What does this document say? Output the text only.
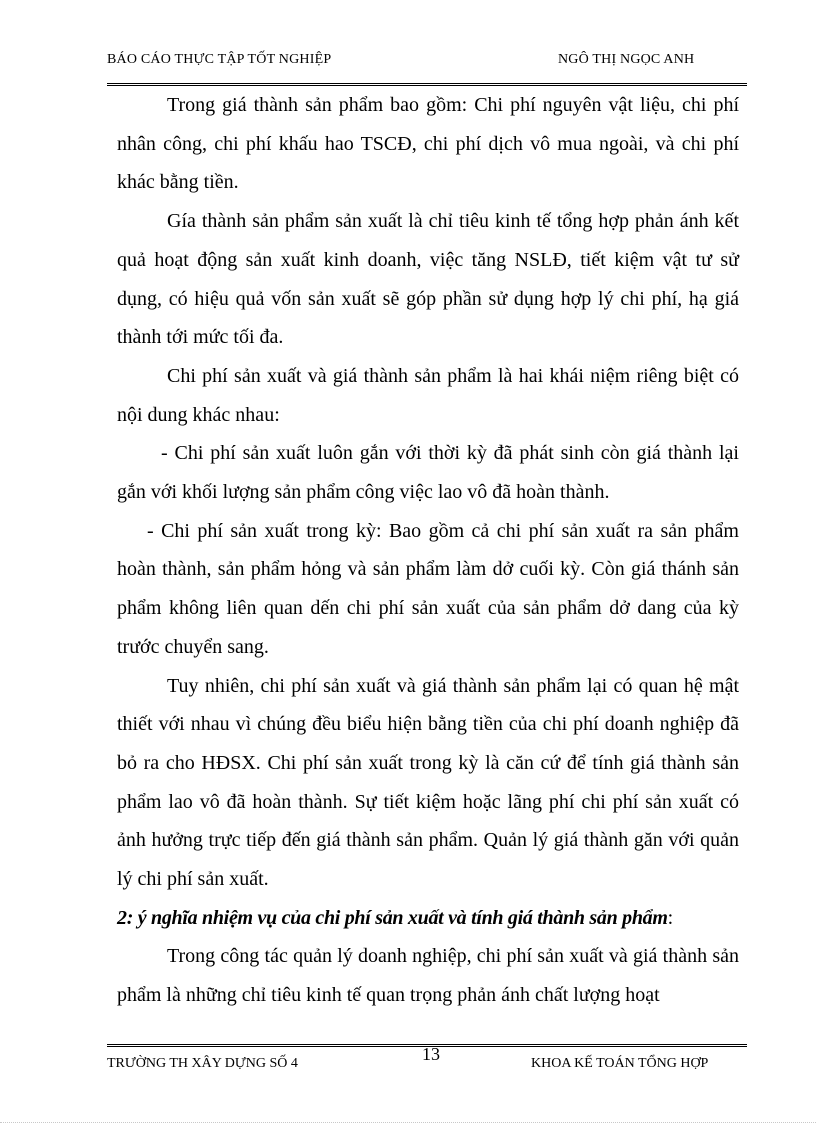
BÁO CÁO THỰC TẬP TỐT NGHIỆP	NGÔ THỊ NGỌC ANH

Trong giá thành sản phẩm bao gồm: Chi phí nguyên vật liệu, chi phí nhân công, chi phí khấu hao TSCĐ, chi phí dịch vô mua ngoài, và chi phí khác bằng tiền.

Gía thành sản phẩm sản xuất là chỉ tiêu kinh tế tổng hợp phản ánh kết quả hoạt động sản xuất kinh doanh, việc tăng NSLĐ, tiết kiệm vật tư sử dụng, có hiệu quả vốn sản xuất sẽ góp phần sử dụng hợp lý chi phí, hạ giá thành tới mức tối đa.

Chi phí sản xuất và giá thành sản phẩm là hai khái niệm riêng biệt có nội dung khác nhau:

- Chi phí sản xuất luôn gắn với thời kỳ đã phát sinh còn giá thành lại gắn với khối lượng sản phẩm công việc lao vô đã hoàn thành.

- Chi phí sản xuất trong kỳ: Bao gồm cả chi phí sản xuất ra sản phẩm hoàn thành, sản phẩm hỏng và sản phẩm làm dở cuối kỳ. Còn giá thánh sản phẩm không liên quan dến chi phí sản xuất của sản phẩm dở dang của kỳ trước chuyển sang.

Tuy nhiên, chi phí sản xuất và giá thành sản phẩm lại có quan hệ mật thiết với nhau vì chúng đều biểu hiện bằng tiền của chi phí doanh nghiệp đã bỏ ra cho HĐSX. Chi phí sản xuất trong kỳ là căn cứ để tính giá thành sản phẩm lao vô đã hoàn thành. Sự tiết kiệm hoặc lãng phí chi phí sản xuất có ảnh hưởng trực tiếp đến giá thành sản phẩm. Quản lý giá thành găn với quản lý chi phí sản xuất.

2: ý nghĩa nhiệm vụ của chi phí sản xuất và tính giá thành sản phẩm:

Trong công tác quản lý doanh nghiệp, chi phí sản xuất và giá thành sản phẩm là những chỉ tiêu kinh tế quan trọng phản ánh chất lượng hoạt

TRƯỜNG TH XÂY DỰNG SỐ 4	13	KHOA KẾ TOÁN TỔNG HỢP
